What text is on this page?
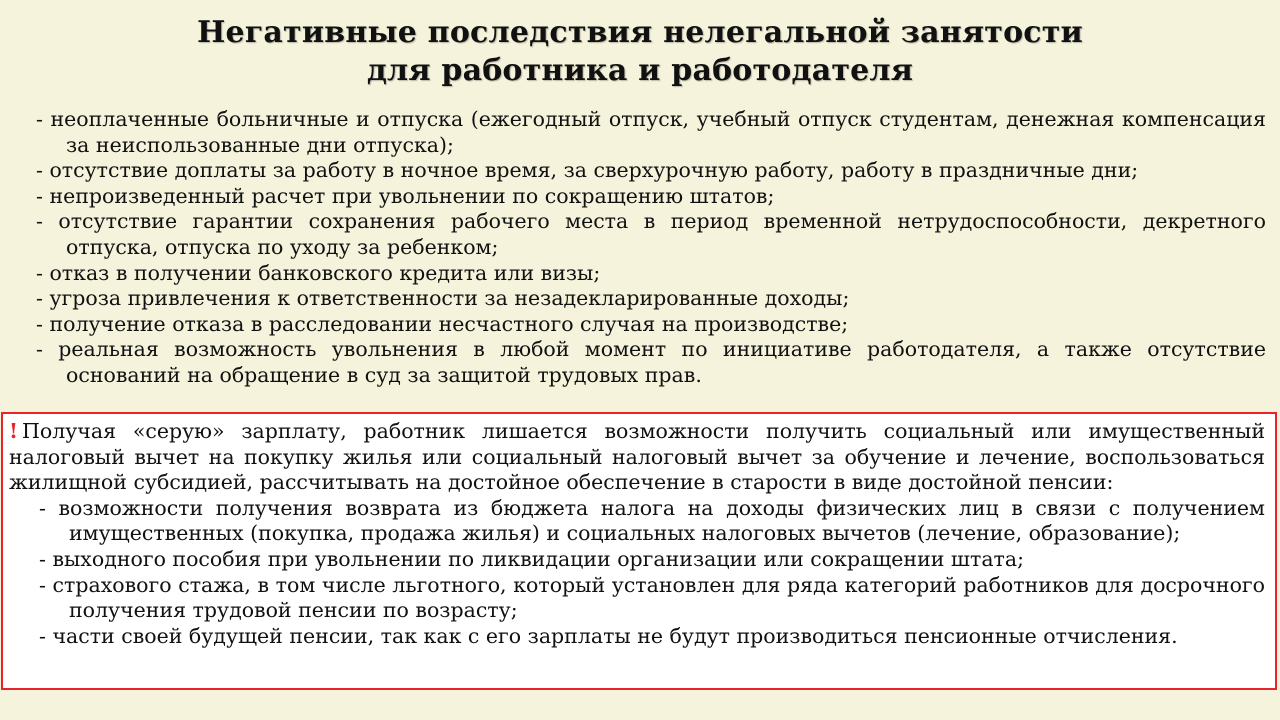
Негативные последствия нелегальной занятости
для работника и работодателя
- неоплаченные больничные и отпуска (ежегодный отпуск, учебный отпуск студентам, денежная компенсация за неиспользованные дни отпуска);
- отсутствие доплаты за работу в ночное время, за сверхурочную работу, работу в праздничные дни;
- непроизведенный расчет при увольнении по сокращению штатов;
- отсутствие гарантии сохранения рабочего места в период временной нетрудоспособности, декретного отпуска, отпуска по уходу за ребенком;
- отказ в получении банковского кредита или визы;
- угроза привлечения к ответственности за незадекларированные доходы;
- получение отказа в расследовании несчастного случая на производстве;
- реальная возможность увольнения в любой момент по инициативе работодателя, а также отсутствие оснований на обращение в суд за защитой трудовых прав.

! Получая «серую» зарплату, работник лишается возможности получить социальный или имущественный налоговый вычет на покупку жилья или социальный налоговый вычет за обучение и лечение, воспользоваться жилищной субсидией, рассчитывать на достойное обеспечение в старости в виде достойной пенсии:

- возможности получения возврата из бюджета налога на доходы физических лиц в связи с получением имущественных (покупка, продажа жилья) и социальных налоговых вычетов (лечение, образование);
- выходного пособия при увольнении по ликвидации организации или сокращении штата;
- страхового стажа, в том числе льготного, который установлен для ряда категорий работников для досрочного получения трудовой пенсии по возрасту;
- части своей будущей пенсии, так как с его зарплаты не будут производиться пенсионные отчисления.
